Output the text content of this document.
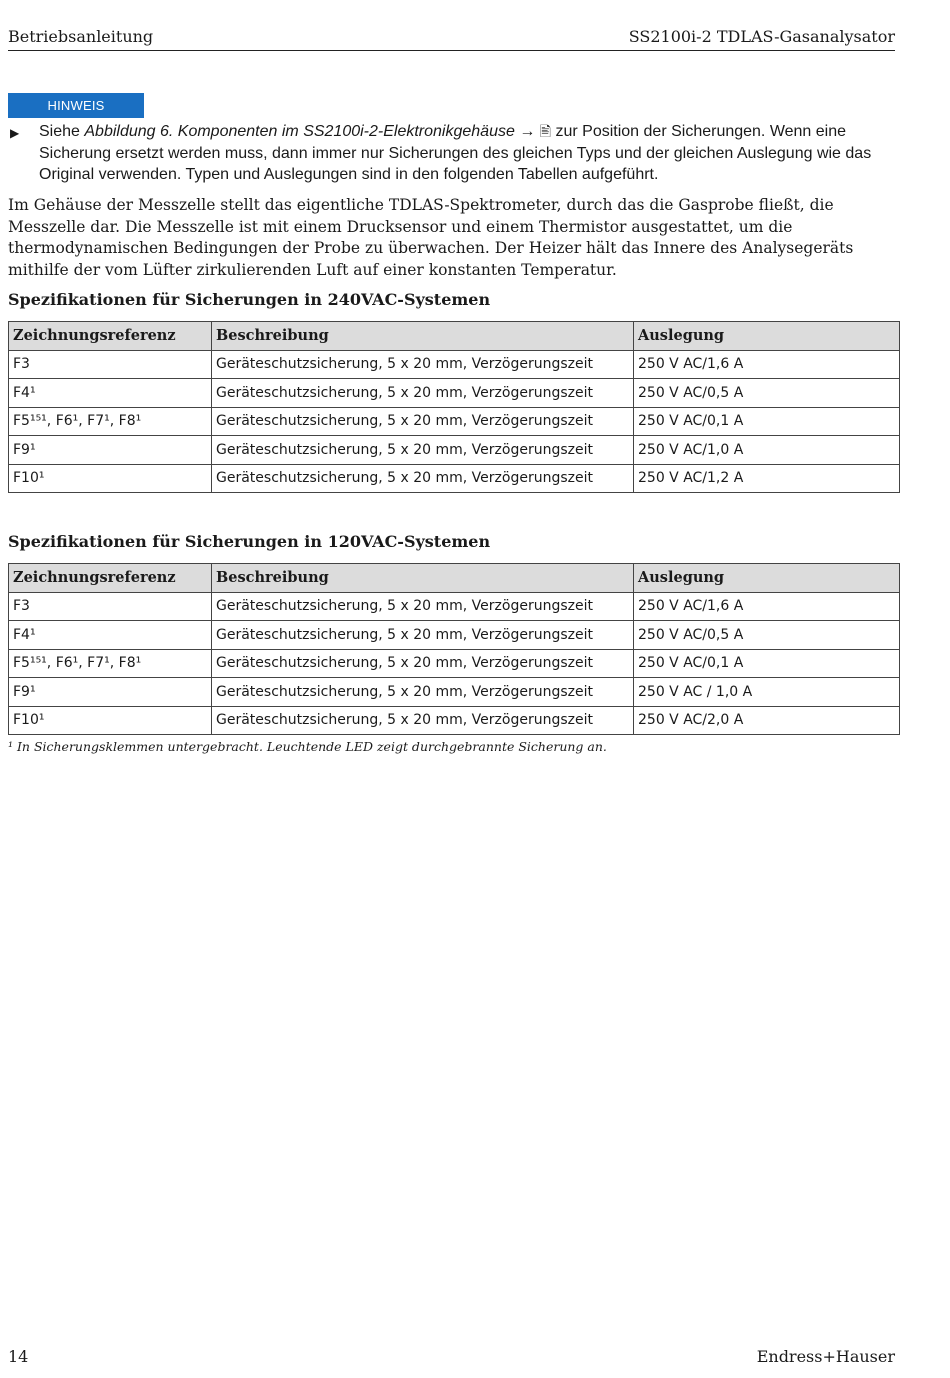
Betriebsanleitung	SS2100i-2 TDLAS-Gasanalysator
HINWEIS
▶ Siehe Abbildung 6. Komponenten im SS2100i-2-Elektronikgehäuse → 🖹 zur Position der Sicherungen. Wenn eine Sicherung ersetzt werden muss, dann immer nur Sicherungen des gleichen Typs und der gleichen Auslegung wie das Original verwenden. Typen und Auslegungen sind in den folgenden Tabellen aufgeführt.
Im Gehäuse der Messzelle stellt das eigentliche TDLAS-Spektrometer, durch das die Gasprobe fließt, die Messzelle dar. Die Messzelle ist mit einem Drucksensor und einem Thermistor ausgestattet, um die thermodynamischen Bedingungen der Probe zu überwachen. Der Heizer hält das Innere des Analysegeräts mithilfe der vom Lüfter zirkulierenden Luft auf einer konstanten Temperatur.
Spezifikationen für Sicherungen in 240VAC-Systemen
Zeichnungsreferenz	Beschreibung	Auslegung
F3	Geräteschutzsicherung, 5 x 20 mm, Verzögerungszeit	250 V AC/1,6 A
F4¹	Geräteschutzsicherung, 5 x 20 mm, Verzögerungszeit	250 V AC/0,5 A
F5¹⁵¹, F6¹, F7¹, F8¹	Geräteschutzsicherung, 5 x 20 mm, Verzögerungszeit	250 V AC/0,1 A
F9¹	Geräteschutzsicherung, 5 x 20 mm, Verzögerungszeit	250 V AC/1,0 A
F10¹	Geräteschutzsicherung, 5 x 20 mm, Verzögerungszeit	250 V AC/1,2 A
Spezifikationen für Sicherungen in 120VAC-Systemen
Zeichnungsreferenz	Beschreibung	Auslegung
F3	Geräteschutzsicherung, 5 x 20 mm, Verzögerungszeit	250 V AC/1,6 A
F4¹	Geräteschutzsicherung, 5 x 20 mm, Verzögerungszeit	250 V AC/0,5 A
F5¹⁵¹, F6¹, F7¹, F8¹	Geräteschutzsicherung, 5 x 20 mm, Verzögerungszeit	250 V AC/0,1 A
F9¹	Geräteschutzsicherung, 5 x 20 mm, Verzögerungszeit	250 V AC / 1,0 A
F10¹	Geräteschutzsicherung, 5 x 20 mm, Verzögerungszeit	250 V AC/2,0 A
¹ In Sicherungsklemmen untergebracht. Leuchtende LED zeigt durchgebrannte Sicherung an.
14	Endress+Hauser
